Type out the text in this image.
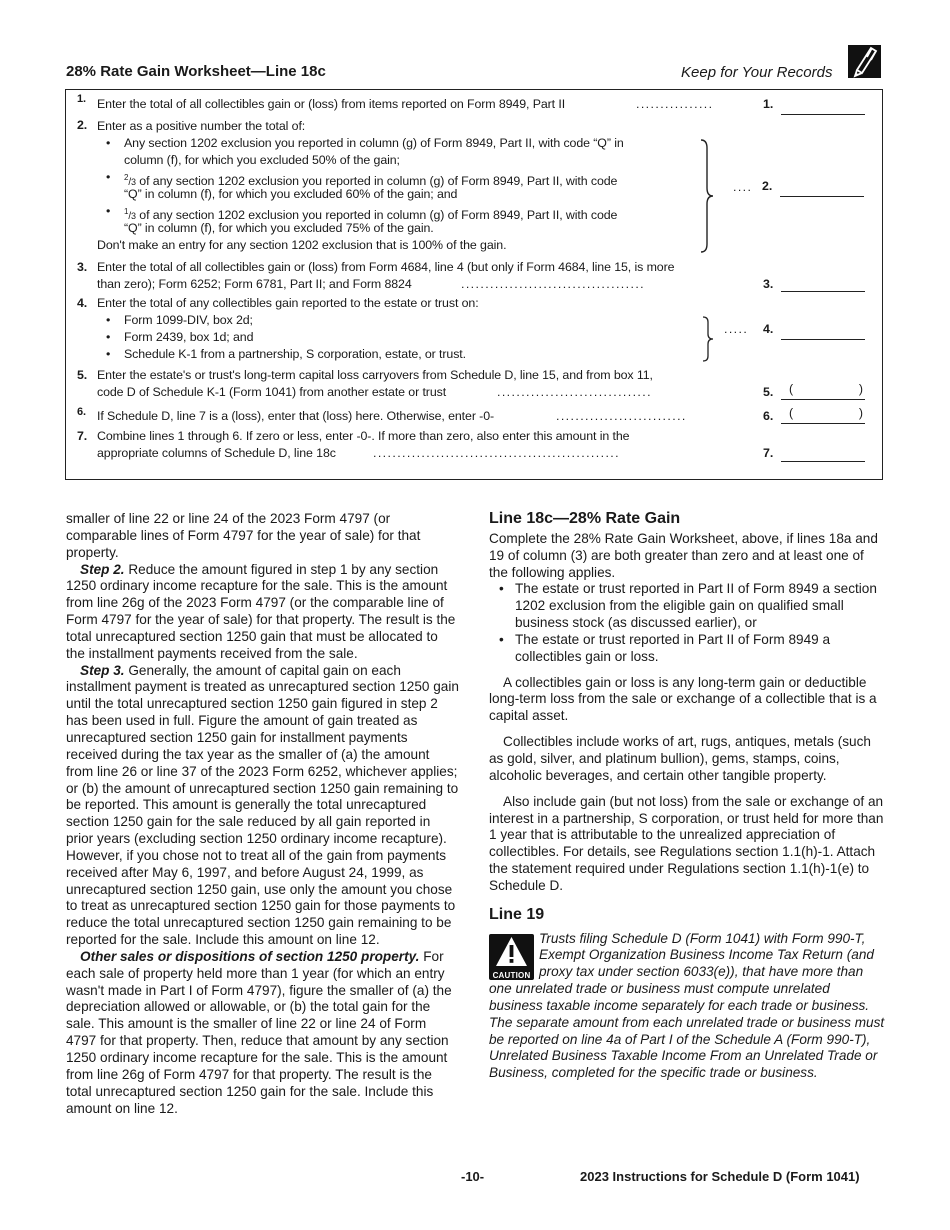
28% Rate Gain Worksheet—Line 18c	Keep for Your Records
1. Enter the total of all collectibles gain or (loss) from items reported on Form 8949, Part II	................	1.
2. Enter as a positive number the total of:
• Any section 1202 exclusion you reported in column (g) of Form 8949, Part II, with code “Q” in
column (f), for which you excluded 50% of the gain;
• $^2$/3 of any section 1202 exclusion you reported in column (g) of Form 8949, Part II, with code
“Q” in column (f), for which you excluded 60% of the gain; and
• $^1$/3 of any section 1202 exclusion you reported in column (g) of Form 8949, Part II, with code
“Q” in column (f), for which you excluded 75% of the gain.
Don't make an entry for any section 1202 exclusion that is 100% of the gain.
.... 2.
3. Enter the total of all collectibles gain or (loss) from Form 4684, line 4 (but only if Form 4684, line 15, is more
than zero); Form 6252; Form 6781, Part II; and Form 8824	......................................	3.
4. Enter the total of any collectibles gain reported to the estate or trust on:
• Form 1099-DIV, box 2d;
• Form 2439, box 1d; and
• Schedule K-1 from a partnership, S corporation, estate, or trust.
..... 4.
5. Enter the estate's or trust's long-term capital loss carryovers from Schedule D, line 15, and from box 11,
code D of Schedule K-1 (Form 1041) from another estate or trust	................................	5. (	)
6. If Schedule D, line 7 is a (loss), enter that (loss) here. Otherwise, enter -0-	...........................	6. (	)
7. Combine lines 1 through 6. If zero or less, enter -0-. If more than zero, also enter this amount in the
appropriate columns of Schedule D, line 18c	...................................................	7.

smaller of line 22 or line 24 of the 2023 Form 4797 (or comparable lines of Form 4797 for the year of sale) for that property.

Step 2. Reduce the amount figured in step 1 by any section 1250 ordinary income recapture for the sale. This is the amount from line 26g of the 2023 Form 4797 (or the comparable line of Form 4797 for the year of sale) for that property. The result is the total unrecaptured section 1250 gain that must be allocated to the installment payments received from the sale.

Step 3. Generally, the amount of capital gain on each installment payment is treated as unrecaptured section 1250 gain until the total unrecaptured section 1250 gain figured in step 2 has been used in full. Figure the amount of gain treated as unrecaptured section 1250 gain for installment payments received during the tax year as the smaller of (a) the amount from line 26 or line 37 of the 2023 Form 6252, whichever applies; or (b) the amount of unrecaptured section 1250 gain remaining to be reported. This amount is generally the total unrecaptured section 1250 gain for the sale reduced by all gain reported in prior years (excluding section 1250 ordinary income recapture). However, if you chose not to treat all of the gain from payments received after May 6, 1997, and before August 24, 1999, as unrecaptured section 1250 gain, use only the amount you chose to treat as unrecaptured section 1250 gain for those payments to reduce the total unrecaptured section 1250 gain remaining to be reported for the sale. Include this amount on line 12.

Other sales or dispositions of section 1250 property. For each sale of property held more than 1 year (for which an entry wasn't made in Part I of Form 4797), figure the smaller of (a) the depreciation allowed or allowable, or (b) the total gain for the sale. This amount is the smaller of line 22 or line 24 of Form 4797 for that property. Then, reduce that amount by any section 1250 ordinary income recapture for the sale. This is the amount from line 26g of Form 4797 for that property. The result is the total unrecaptured section 1250 gain for the sale. Include this amount on line 12.

Line 18c—28% Rate Gain

Complete the 28% Rate Gain Worksheet, above, if lines 18a and 19 of column (3) are both greater than zero and at least one of the following applies.

• The estate or trust reported in Part II of Form 8949 a section 1202 exclusion from the eligible gain on qualified small business stock (as discussed earlier), or
• The estate or trust reported in Part II of Form 8949 a collectibles gain or loss.

A collectibles gain or loss is any long-term gain or deductible long-term loss from the sale or exchange of a collectible that is a capital asset.

Collectibles include works of art, rugs, antiques, metals (such as gold, silver, and platinum bullion), gems, stamps, coins, alcoholic beverages, and certain other tangible property.

Also include gain (but not loss) from the sale or exchange of an interest in a partnership, S corporation, or trust held for more than 1 year that is attributable to the unrealized appreciation of collectibles. For details, see Regulations section 1.1(h)-1. Attach the statement required under Regulations section 1.1(h)-1(e) to Schedule D.

Line 19
CAUTION

Trusts filing Schedule D (Form 1041) with Form 990-T, Exempt Organization Business Income Tax Return (and proxy tax under section 6033(e)), that have more than one unrelated trade or business must compute unrelated business taxable income separately for each trade or business. The separate amount from each unrelated trade or business must be reported on line 4a of Part I of the Schedule A (Form 990-T), Unrelated Business Taxable Income From an Unrelated Trade or Business, completed for the specific trade or business.

-10-	2023 Instructions for Schedule D (Form 1041)
